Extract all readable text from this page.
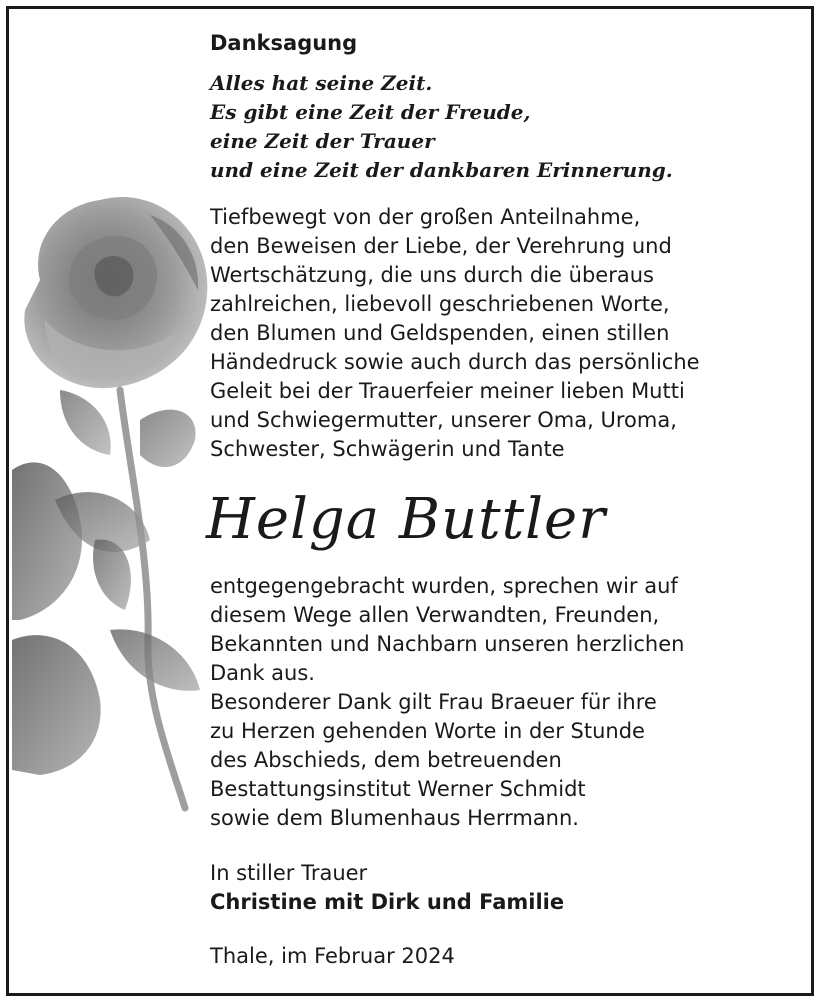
Danksagung
Alles hat seine Zeit.
Es gibt eine Zeit der Freude,
eine Zeit der Trauer
und eine Zeit der dankbaren Erinnerung.
Tiefbewegt von der großen Anteilnahme,
den Beweisen der Liebe, der Verehrung und
Wertschätzung, die uns durch die überaus
zahlreichen, liebevoll geschriebenen Worte,
den Blumen und Geldspenden, einen stillen
Händedruck sowie auch durch das persönliche
Geleit bei der Trauerfeier meiner lieben Mutti
und Schwiegermutter, unserer Oma, Uroma,
Schwester, Schwägerin und Tante
Helga Buttler
entgegengebracht wurden, sprechen wir auf
diesem Wege allen Verwandten, Freunden,
Bekannten und Nachbarn unseren herzlichen
Dank aus.
Besonderer Dank gilt Frau Braeuer für ihre
zu Herzen gehenden Worte in der Stunde
des Abschieds, dem betreuenden
Bestattungsinstitut Werner Schmidt
sowie dem Blumenhaus Herrmann.
In stiller Trauer
Christine mit Dirk und Familie
Thale, im Februar 2024
